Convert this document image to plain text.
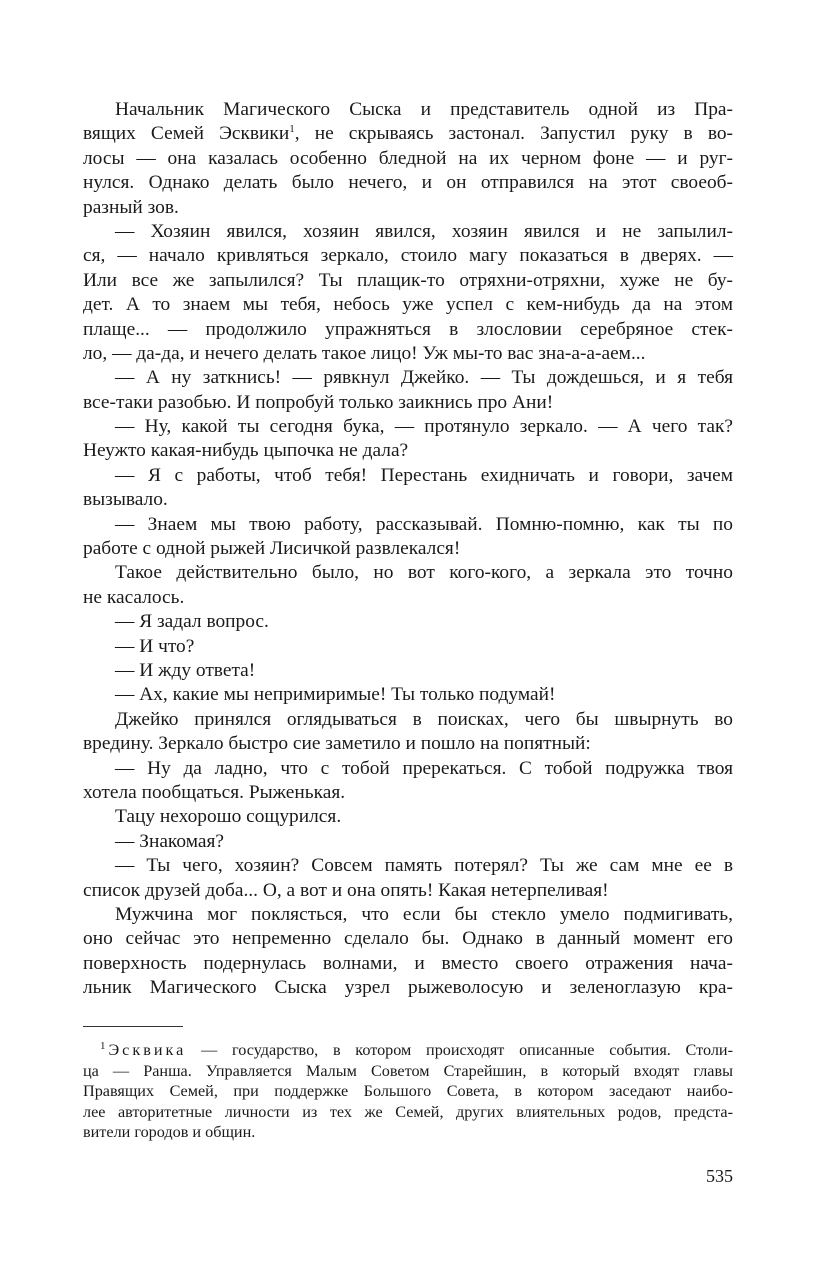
Начальник Магического Сыска и представитель одной из Пра-
вящих Семей Эсквики$^1$, не скрываясь застонал. Запустил руку в во-
лосы — она казалась особенно бледной на их черном фоне — и руг-
нулся. Однако делать было нечего, и он отправился на этот своеоб-
разный зов.
— Хозяин явился, хозяин явился, хозяин явился и не запылил-
ся, — начало кривляться зеркало, стоило магу показаться в дверях. —
Или все же запылился? Ты плащик-то отряхни-отряхни, хуже не бу-
дет. А то знаем мы тебя, небось уже успел с кем-нибудь да на этом
плаще... — продолжило упражняться в злословии серебряное стек-
ло, — да-да, и нечего делать такое лицо! Уж мы-то вас зна-а-а-аем...
— А ну заткнись! — рявкнул Джейко. — Ты дождешься, и я тебя
все-таки разобью. И попробуй только заикнись про Ани!
— Ну, какой ты сегодня бука, — протянуло зеркало. — А чего так?
Неужто какая-нибудь цыпочка не дала?
— Я с работы, чтоб тебя! Перестань ехидничать и говори, зачем
вызывало.
— Знаем мы твою работу, рассказывай. Помню-помню, как ты по
работе с одной рыжей Лисичкой развлекался!
Такое действительно было, но вот кого-кого, а зеркала это точно
не касалось.
— Я задал вопрос.
— И что?
— И жду ответа!
— Ах, какие мы непримиримые! Ты только подумай!
Джейко принялся оглядываться в поисках, чего бы швырнуть во
вредину. Зеркало быстро сие заметило и пошло на попятный:
— Ну да ладно, что с тобой пререкаться. С тобой подружка твоя
хотела пообщаться. Рыженькая.
Тацу нехорошо сощурился.
— Знакомая?
— Ты чего, хозяин? Совсем память потерял? Ты же сам мне ее в
список друзей доба... О, а вот и она опять! Какая нетерпеливая!
Мужчина мог поклясться, что если бы стекло умело подмигивать,
оно сейчас это непременно сделало бы. Однако в данный момент его
поверхность подернулась волнами, и вместо своего отражения нача-
льник Магического Сыска узрел рыжеволосую и зеленоглазую кра-
$^1$ Эсквика — государство, в котором происходят описанные события. Столи-
ца — Ранша. Управляется Малым Советом Старейшин, в который входят главы
Правящих Семей, при поддержке Большого Совета, в котором заседают наибо-
лее авторитетные личности из тех же Семей, других влиятельных родов, предста-
вители городов и общин.
535
